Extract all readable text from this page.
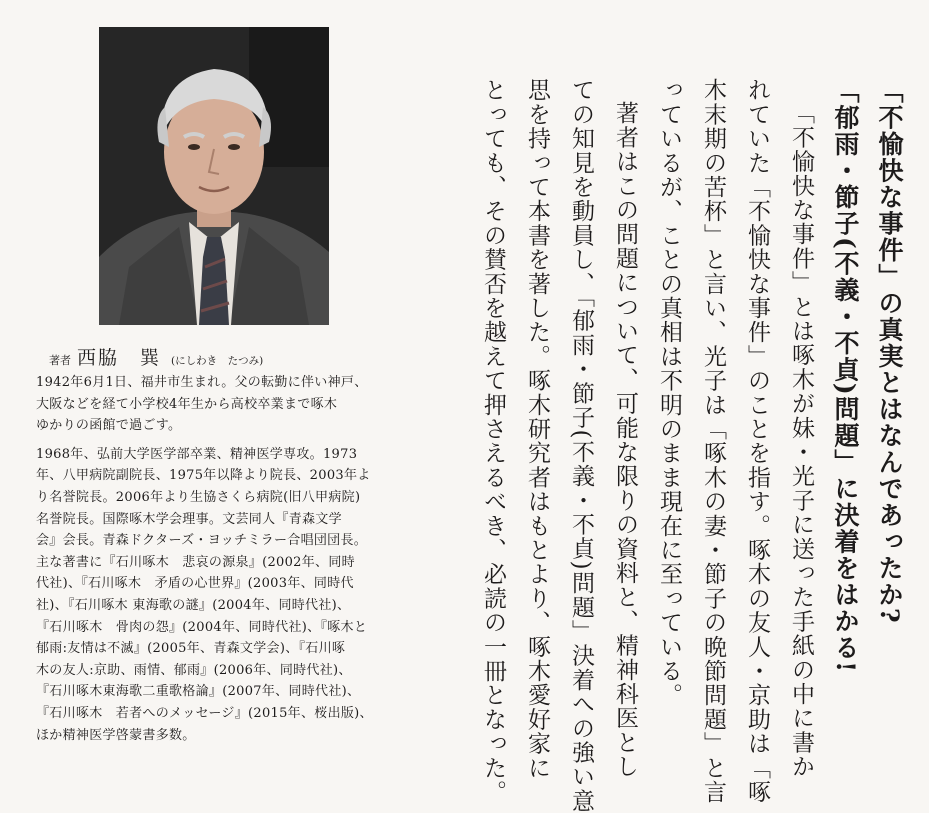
著者 西脇　巽 (にしわき　たつみ)

1942年6月1日、福井市生まれ。父の転勤に伴い神戸、
大阪などを経て小学校4年生から高校卒業まで啄木
ゆかりの函館で過ごす。

1968年、弘前大学医学部卒業、精神医学専攻。1973
年、八甲病院副院長、1975年以降より院長、2003年よ
り名誉院長。2006年より生協さくら病院(旧八甲病院)
名誉院長。国際啄木学会理事。文芸同人『青森文学
会』会長。青森ドクターズ・ヨッチミラー合唱団団長。
主な著書に『石川啄木　悲哀の源泉』(2002年、同時
代社)、『石川啄木　矛盾の心世界』(2003年、同時代
社)、『石川啄木 東海歌の謎』(2004年、同時代社)、
『石川啄木　骨肉の怨』(2004年、同時代社)、『啄木と
郁雨:友情は不滅』(2005年、青森文学会)、『石川啄
木の友人:京助、雨情、郁雨』(2006年、同時代社)、
『石川啄木東海歌二重歌格論』(2007年、同時代社)、
『石川啄木　若者へのメッセージ』(2015年、桜出版)、
ほか精神医学啓蒙書多数。

「不愉快な事件」の真実とはなんであったか?
「郁雨・節子(不義・不貞)問題」に決着をはかる!
「不愉快な事件」とは啄木が妹・光子に送った手紙の中に書か
れていた「不愉快な事件」のことを指す。啄木の友人・京助は「啄
木末期の苦杯」と言い、光子は「啄木の妻・節子の晩節問題」と言
っているが、ことの真相は不明のまま現在に至っている。
著者はこの問題について、可能な限りの資料と、精神科医とし
ての知見を動員し、「郁雨・節子(不義・不貞)問題」決着への強い意
思を持って本書を著した。啄木研究者はもとより、啄木愛好家に
とっても、その賛否を越えて押さえるべき、必読の一冊となった。
